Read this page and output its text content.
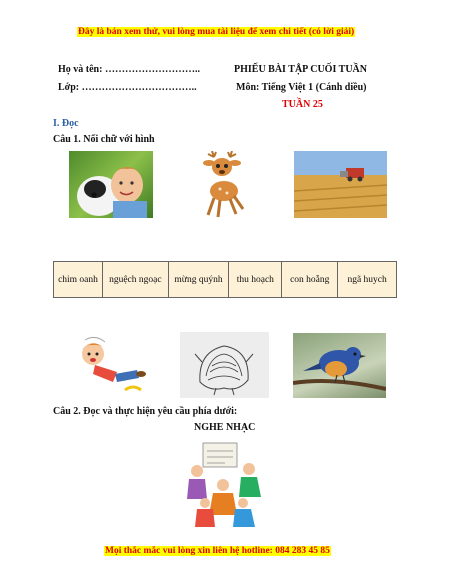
Đây là bản xem thử, vui lòng mua tài liệu để xem chi tiết (có lời giải)
Họ và tên: ………………………..
Lớp: ……………………………..
PHIẾU BÀI TẬP CUỐI TUẦN
Môn: Tiếng Việt 1 (Cánh diều)
TUẦN 25
I. Đọc
Câu 1. Nối chữ với hình
chim oanh	nguệch ngoạc	mừng quýnh	thu hoạch	con hoẵng	ngã huych
Câu 2. Đọc và thực hiện yêu cầu phía dưới:
NGHE NHẠC
Mọi thắc mắc vui lòng xin liên hệ hotline: 084 283 45 85
